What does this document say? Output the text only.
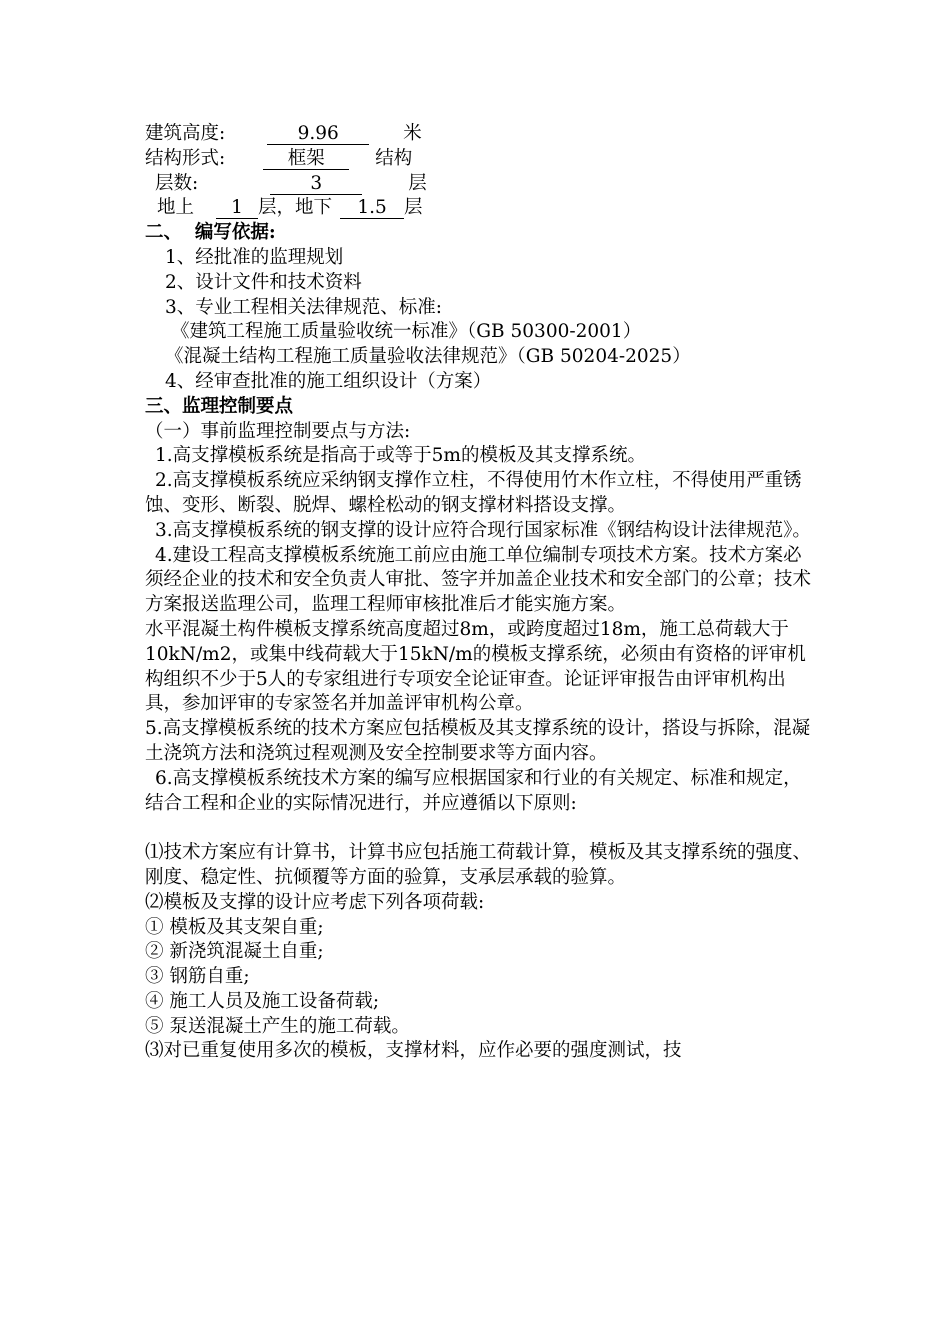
建筑高度:	9.96	米
结构形式:	框架	结构
层数:	3	层
地上 1 层，地下 1.5 层
二、  编写依据:
1、经批准的监理规划
2、设计文件和技术资料
3、专业工程相关法律规范、标准:
《建筑工程施工质量验收统一标准》（GB 50300-2001）
《混凝土结构工程施工质量验收法律规范》（GB 50204-2025）
4、经审查批准的施工组织设计（方案）
三、监理控制要点
（一）事前监理控制要点与方法:
1.高支撑模板系统是指高于或等于5m的模板及其支撑系统。
2.高支撑模板系统应采纳钢支撑作立柱，不得使用竹木作立柱，不得使用严重锈蚀、变形、断裂、脱焊、螺栓松动的钢支撑材料搭设支撑。
3.高支撑模板系统的钢支撑的设计应符合现行国家标准《钢结构设计法律规范》。
4.建设工程高支撑模板系统施工前应由施工单位编制专项技术方案。技术方案必须经企业的技术和安全负责人审批、签字并加盖企业技术和安全部门的公章；技术方案报送监理公司，监理工程师审核批准后才能实施方案。
水平混凝土构件模板支撑系统高度超过8m，或跨度超过18m，施工总荷载大于10kN/m2，或集中线荷载大于15kN/m的模板支撑系统，必须由有资格的评审机构组织不少于5人的专家组进行专项安全论证审查。论证评审报告由评审机构出具，参加评审的专家签名并加盖评审机构公章。
5.高支撑模板系统的技术方案应包括模板及其支撑系统的设计，搭设与拆除，混凝土浇筑方法和浇筑过程观测及安全控制要求等方面内容。
6.高支撑模板系统技术方案的编写应根据国家和行业的有关规定、标准和规定，结合工程和企业的实际情况进行，并应遵循以下原则:
⑴技术方案应有计算书，计算书应包括施工荷载计算，模板及其支撑系统的强度、刚度、稳定性、抗倾覆等方面的验算，支承层承载的验算。
⑵模板及支撑的设计应考虑下列各项荷载:
① 模板及其支架自重;
② 新浇筑混凝土自重;
③ 钢筋自重;
④ 施工人员及施工设备荷载;
⑤ 泵送混凝土产生的施工荷载。
⑶对已重复使用多次的模板，支撑材料，应作必要的强度测试，技
